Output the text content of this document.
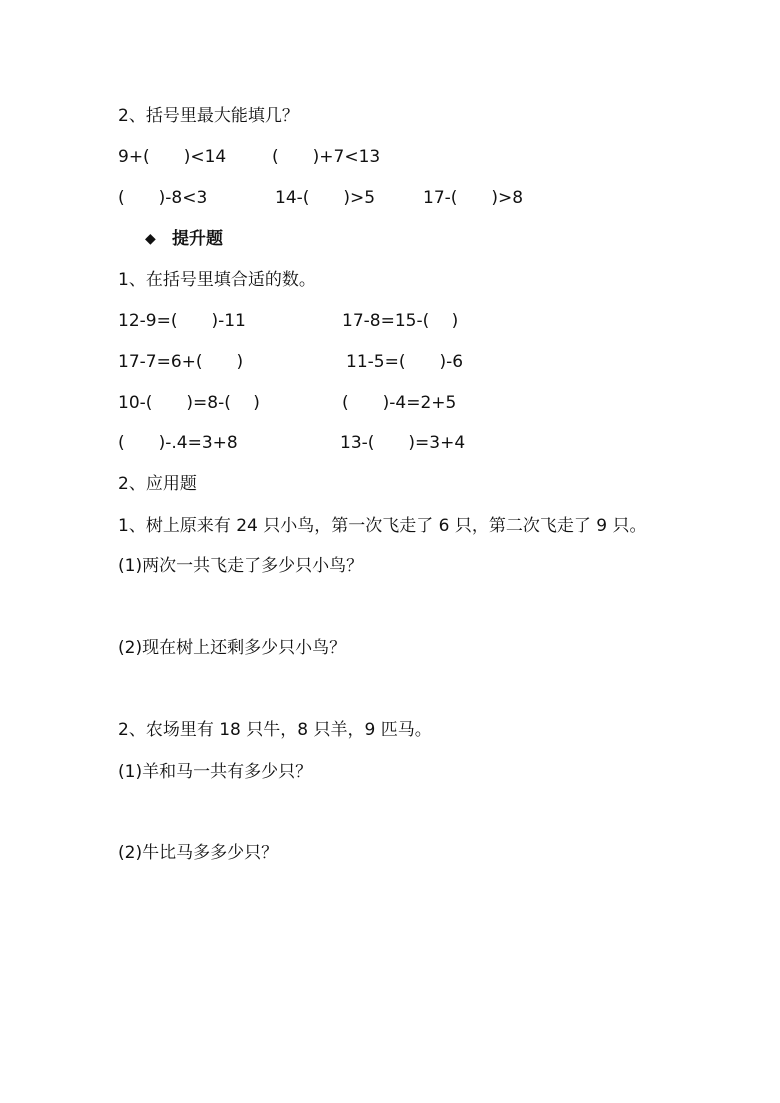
2、括号里最大能填几？
9+(　　)<14	(　　)+7<13
(　　)-8<3	14-(　　)>5	17-(　　)>8
◆ 提升题
1、在括号里填合适的数。
12-9=(　　)-11	17-8=15-(　 )
17-7=6+(　　)	11-5=(　　)-6
10-(　　)=8-(　 )	(　　)-4=2+5
(　　)-.4=3+8	13-(　　)=3+4
2、应用题
1、树上原来有 24 只小鸟，第一次飞走了 6 只，第二次飞走了 9 只。
(1)两次一共飞走了多少只小鸟？
(2)现在树上还剩多少只小鸟？
2、农场里有 18 只牛，8 只羊，9 匹马。
(1)羊和马一共有多少只？
(2)牛比马多多少只？
